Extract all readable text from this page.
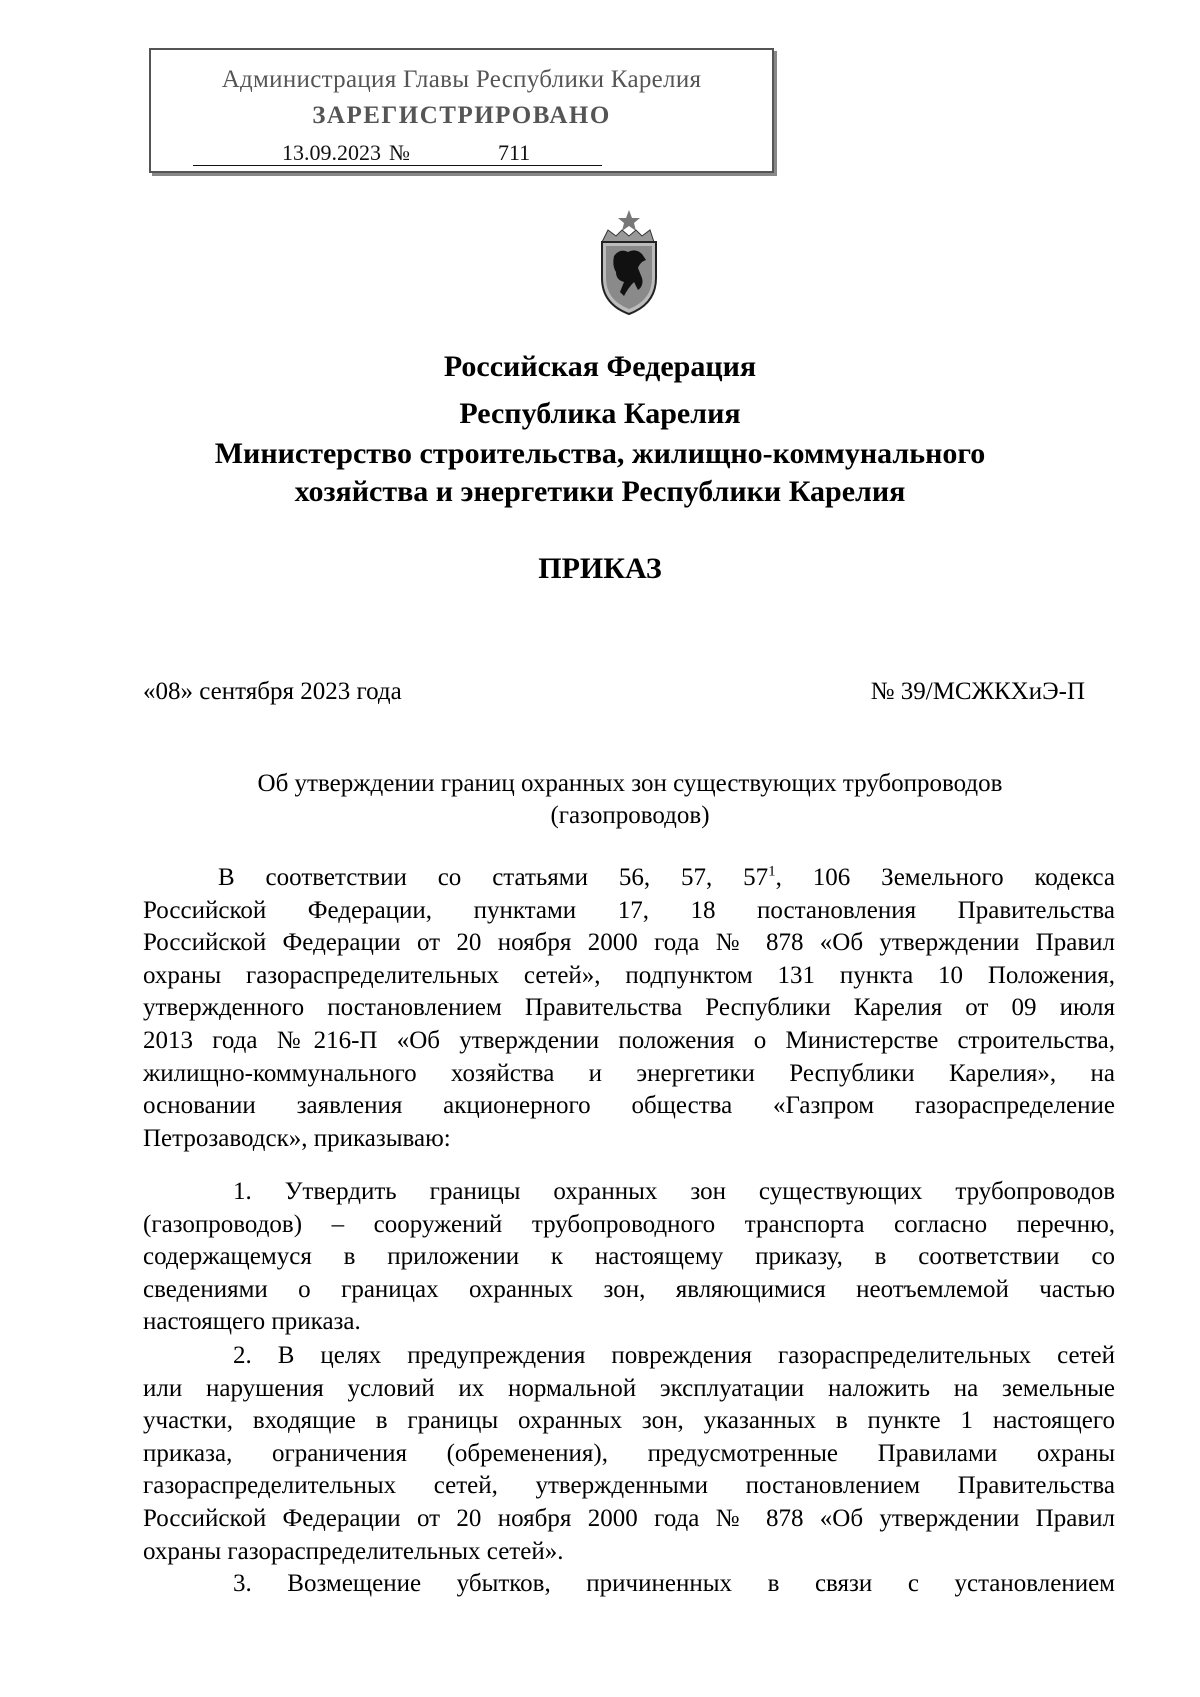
Администрация Главы Республики Карелия
ЗАРЕГИСТРИРОВАНО
13.09.2023 №	711
Российская Федерация
Республика Карелия
Министерство строительства, жилищно-коммунального
хозяйства и энергетики Республики Карелия
ПРИКАЗ
«08» сентября 2023 года	№ 39/МСЖКХиЭ-П
Об утверждении границ охранных зон существующих трубопроводов
(газопроводов)

В соответствии со статьями 56, 57, $57^1$, 106 Земельного кодекса

Российской Федерации, пунктами 17, 18 постановления Правительства

Российской Федерации от 20 ноября 2000 года № 878 «Об утверждении Правил

охраны газораспределительных сетей», подпунктом 131 пункта 10 Положения,

утвержденного постановлением Правительства Республики Карелия от 09 июля

2013 года №216-П «Об утверждении положения о Министерстве строительства,

жилищно-коммунального хозяйства и энергетики Республики Карелия», на

основании заявления акционерного общества «Газпром газораспределение

Петрозаводск», приказываю:

1. Утвердить границы охранных зон существующих трубопроводов

(газопроводов) – сооружений трубопроводного транспорта согласно перечню,

содержащемуся в приложении к настоящему приказу, в соответствии со

сведениями о границах охранных зон, являющимися неотъемлемой частью

настоящего приказа.

2. В целях предупреждения повреждения газораспределительных сетей

или нарушения условий их нормальной эксплуатации наложить на земельные

участки, входящие в границы охранных зон, указанных в пункте 1 настоящего

приказа, ограничения (обременения), предусмотренные Правилами охраны

газораспределительных сетей, утвержденными постановлением Правительства

Российской Федерации от 20 ноября 2000 года № 878 «Об утверждении Правил

охраны газораспределительных сетей».

3. Возмещение убытков, причиненных в связи с установлением
